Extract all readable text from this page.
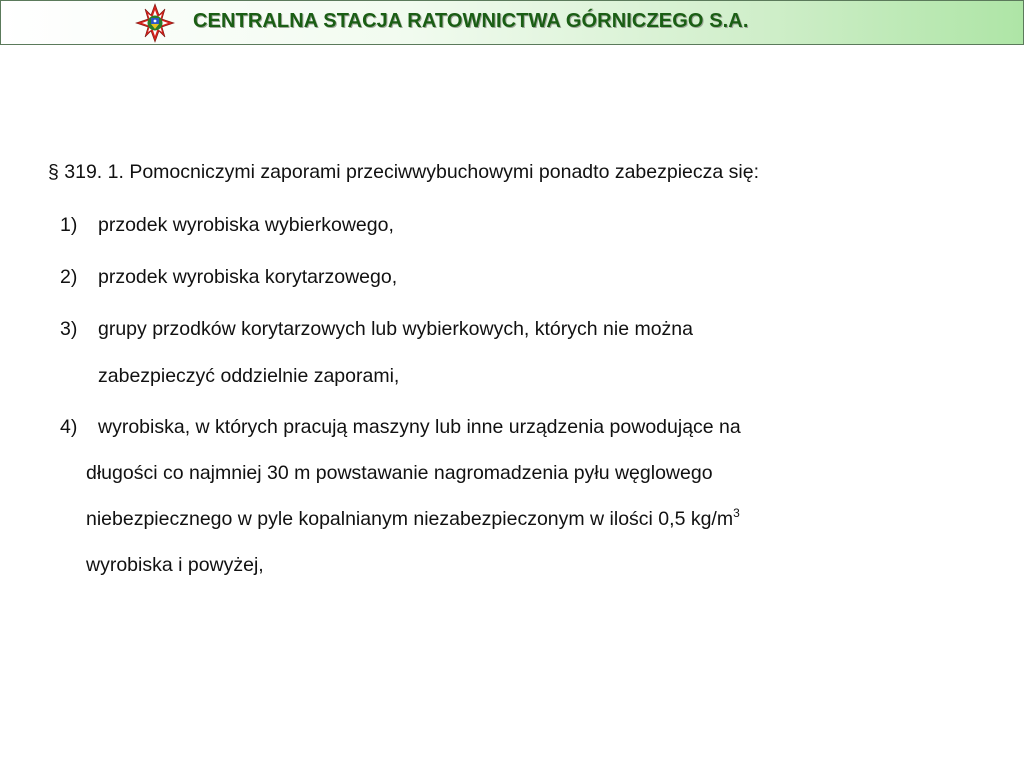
CENTRALNA STACJA RATOWNICTWA GÓRNICZEGO S.A.
§ 319. 1. Pomocniczymi zaporami przeciwwybuchowymi ponadto zabezpiecza się:
1) przodek wyrobiska wybierkowego,
2) przodek wyrobiska korytarzowego,
3) grupy przodków korytarzowych lub wybierkowych, których nie można
zabezpieczyć oddzielnie zaporami,
4) wyrobiska, w których pracują maszyny lub inne urządzenia powodujące na
długości co najmniej 30 m powstawanie nagromadzenia pyłu węglowego
niebezpiecznego w pyle kopalnianym niezabezpieczonym w ilości 0,5 $kg/m^3$
wyrobiska i powyżej,
